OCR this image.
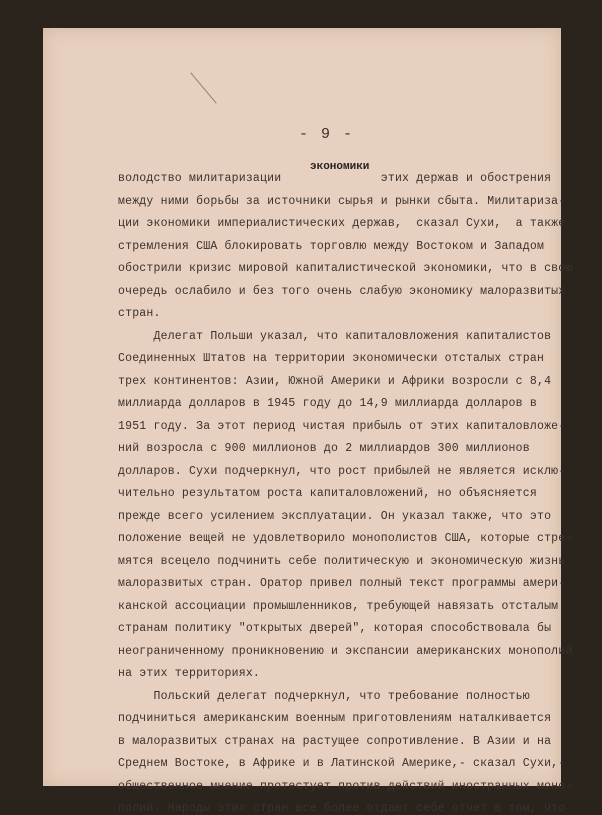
- 9 -
экономики
володство милитаризации              этих держав и обострения
между ними борьбы за источники сырья и рынки сбыта. Милитариза-
ции экономики империалистических держав,  сказал Сухи,  а также
стремления США блокировать торговлю между Востоком и Западом
обострили кризис мировой капиталистической экономики, что в свою
очередь ослабило и без того очень слабую экономику малоразвитых
стран.
Делегат Польши указал, что капиталовложения капиталистов
Соединенных Штатов на территории экономически отсталых стран
трех континентов: Азии, Южной Америки и Африки возросли с 8,4
миллиарда долларов в 1945 году до 14,9 миллиарда долларов в
1951 году. За этот период чистая прибыль от этих капиталовложе-
ний возросла с 900 миллионов до 2 миллиардов 300 миллионов
долларов. Сухи подчеркнул, что рост прибылей не является исклю-
чительно результатом роста капиталовложений, но объясняется
прежде всего усилением эксплуатации. Он указал также, что это
положение вещей не удовлетворило монополистов США, которые стре-
мятся всецело подчинить себе политическую и экономическую жизнь
малоразвитых стран. Оратор привел полный текст программы амери-
канской ассоциации промышленников, требующей навязать отсталым
странам политику "открытых дверей", которая способствовала бы
неограниченному проникновению и экспансии американских монополий
на этих территориях.
Польский делегат подчеркнул, что требование полностью
подчиниться американским военным приготовлениям наталкивается
в малоразвитых странах на растущее сопротивление. В Азии и на
Среднем Востоке, в Африке и в Латинской Америке,- сказал Сухи,-
общественное мнение протестует против действий иностранных моно-
полий. Народы этих стран все более отдают себе отчет в том, что
